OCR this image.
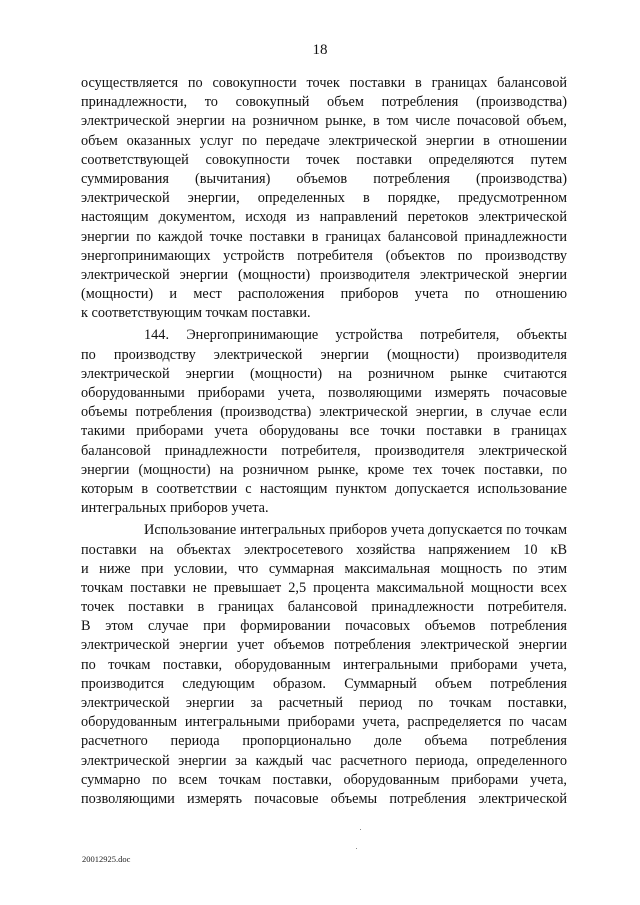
18
осуществляется по совокупности точек поставки в границах балансовой
принадлежности, то совокупный объем потребления (производства)
электрической энергии на розничном рынке, в том числе почасовой объем,
объем оказанных услуг по передаче электрической энергии в отношении
соответствующей совокупности точек поставки определяются путем
суммирования (вычитания) объемов потребления (производства)
электрической энергии, определенных в порядке, предусмотренном
настоящим документом, исходя из направлений перетоков электрической
энергии по каждой точке поставки в границах балансовой принадлежности
энергопринимающих устройств потребителя (объектов по производству
электрической энергии (мощности) производителя электрической энергии
(мощности) и мест расположения приборов учета по отношению
к соответствующим точкам поставки.
144. Энергопринимающие устройства потребителя, объекты
по производству электрической энергии (мощности) производителя
электрической энергии (мощности) на розничном рынке считаются
оборудованными приборами учета, позволяющими измерять почасовые
объемы потребления (производства) электрической энергии, в случае если
такими приборами учета оборудованы все точки поставки в границах
балансовой принадлежности потребителя, производителя электрической
энергии (мощности) на розничном рынке, кроме тех точек поставки, по
которым в соответствии с настоящим пунктом допускается использование
интегральных приборов учета.
Использование интегральных приборов учета допускается по точкам
поставки на объектах электросетевого хозяйства напряжением 10 кВ
и ниже при условии, что суммарная максимальная мощность по этим
точкам поставки не превышает 2,5 процента максимальной мощности всех
точек поставки в границах балансовой принадлежности потребителя.
В этом случае при формировании почасовых объемов потребления
электрической энергии учет объемов потребления электрической энергии
по точкам поставки, оборудованным интегральными приборами учета,
производится следующим образом. Суммарный объем потребления
электрической энергии за расчетный период по точкам поставки,
оборудованным интегральными приборами учета, распределяется по часам
расчетного периода пропорционально доле объема потребления
электрической энергии за каждый час расчетного периода, определенного
суммарно по всем точкам поставки, оборудованным приборами учета,
позволяющими измерять почасовые объемы потребления электрической
20012925.doc
